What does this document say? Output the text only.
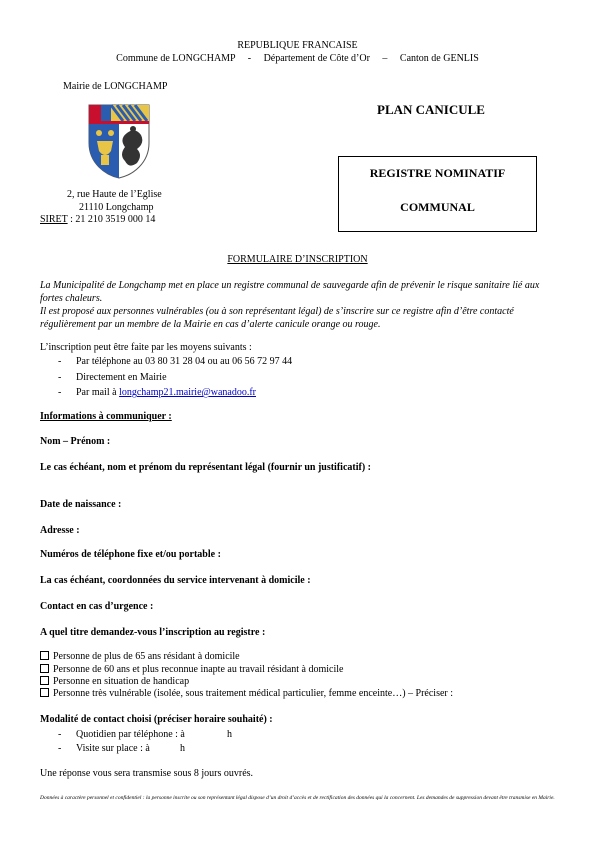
REPUBLIQUE FRANCAISE
Commune de LONGCHAMP     -     Département de Côte d’Or     –     Canton de GENLIS
Mairie de LONGCHAMP
2, rue Haute de l’Eglise
21110 Longchamp
SIRET : 21 210 3519 000 14
PLAN CANICULE
REGISTRE NOMINATIF
COMMUNAL
FORMULAIRE D’INSCRIPTION
La Municipalité de Longchamp met en place un registre communal de sauvegarde afin de prévenir le risque sanitaire lié aux fortes chaleurs.
Il est proposé aux personnes vulnérables (ou à son représentant légal) de s’inscrire sur ce registre afin d’être contacté régulièrement par un membre de la Mairie en cas d’alerte canicule orange ou rouge.
L’inscription peut être faite par les moyens suivants :
- Par téléphone au 03 80 31 28 04 ou au 06 56 72 97 44
- Directement en Mairie
- Par mail à longchamp21.mairie@wanadoo.fr
Informations à communiquer :
Nom – Prénom :
Le cas échéant, nom et prénom du représentant légal (fournir un justificatif) :
Date de naissance :
Adresse :
Numéros de téléphone fixe et/ou portable :
La cas échéant, coordonnées du service intervenant à domicile :
Contact en cas d’urgence :
A quel titre demandez-vous l’inscription au registre :
Personne de plus de 65 ans résidant à domicile
Personne de 60 ans et plus reconnue inapte au travail résidant à domicile
Personne en situation de handicap
Personne très vulnérable (isolée, sous traitement médical particulier, femme enceinte…) – Préciser :
Modalité de contact choisi (préciser horaire souhaité) :
- Quotidien par téléphone : à	h
- Visite sur place : à	h
Une réponse vous sera transmise sous 8 jours ouvrés.
Données à caractère personnel et confidentiel : la personne inscrite ou son représentant légal dispose d’un droit d’accès et de rectification des données qui la concernent. Les demandes de suppression devant être transmise en Mairie.
